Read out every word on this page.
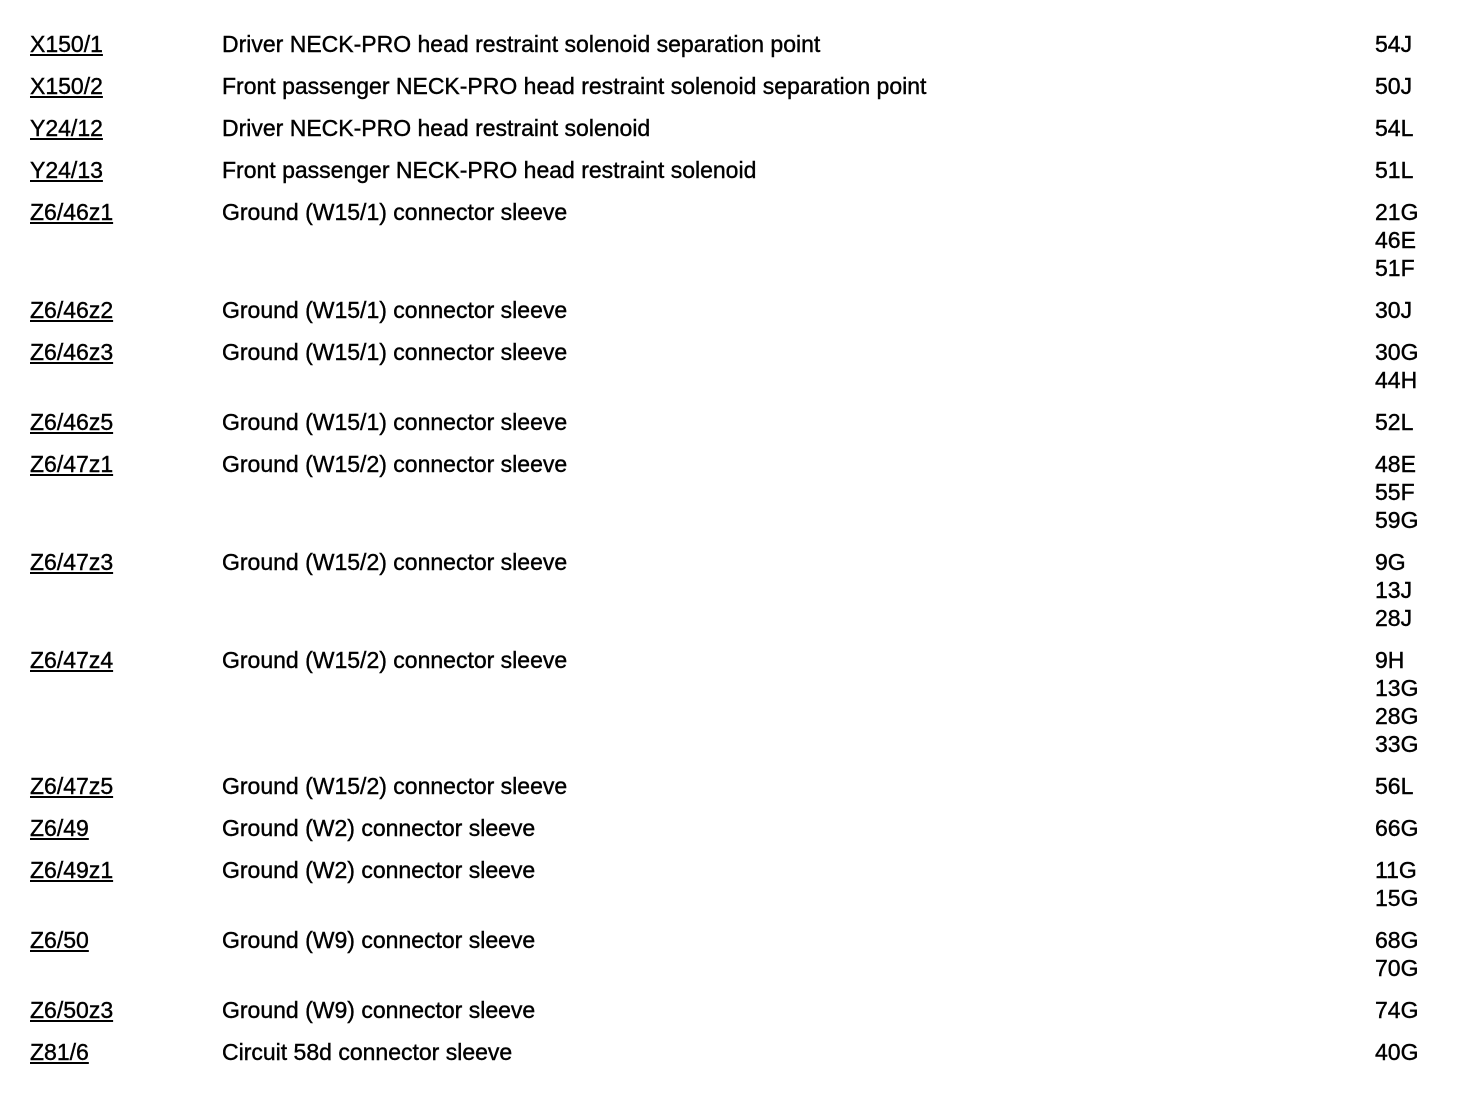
X150/1	Driver NECK-PRO head restraint solenoid separation point	54J
X150/2	Front passenger NECK-PRO head restraint solenoid separation point	50J
Y24/12	Driver NECK-PRO head restraint solenoid	54L
Y24/13	Front passenger NECK-PRO head restraint solenoid	51L
Z6/46z1	Ground (W15/1) connector sleeve	21G
46E
51F
Z6/46z2	Ground (W15/1) connector sleeve	30J
Z6/46z3	Ground (W15/1) connector sleeve	30G
44H
Z6/46z5	Ground (W15/1) connector sleeve	52L
Z6/47z1	Ground (W15/2) connector sleeve	48E
55F
59G
Z6/47z3	Ground (W15/2) connector sleeve	9G
13J
28J
Z6/47z4	Ground (W15/2) connector sleeve	9H
13G
28G
33G
Z6/47z5	Ground (W15/2) connector sleeve	56L
Z6/49	Ground (W2) connector sleeve	66G
Z6/49z1	Ground (W2) connector sleeve	11G
15G
Z6/50	Ground (W9) connector sleeve	68G
70G
Z6/50z3	Ground (W9) connector sleeve	74G
Z81/6	Circuit 58d connector sleeve	40G
